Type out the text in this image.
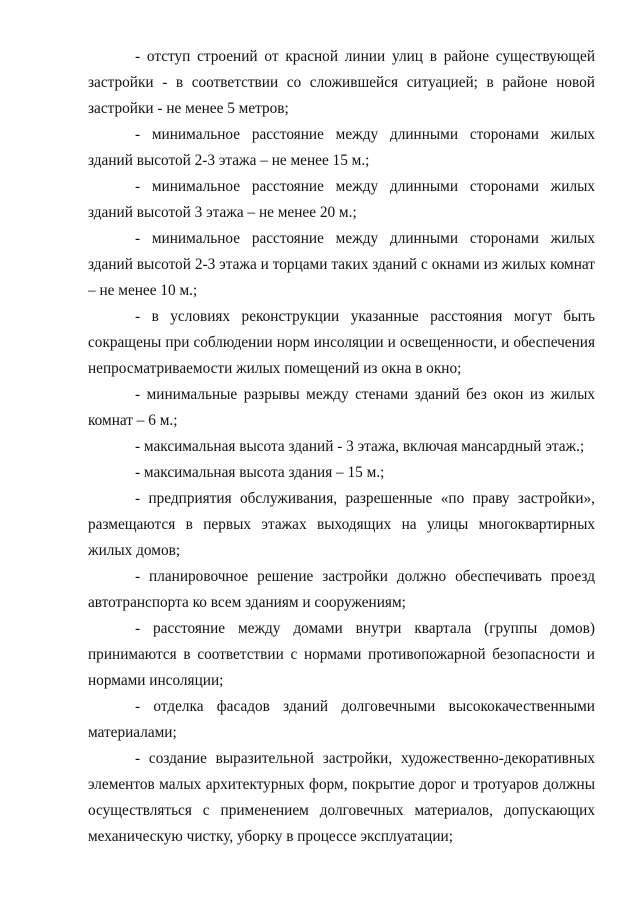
- отступ строений от красной линии улиц в районе существующей застройки - в соответствии со сложившейся ситуацией; в районе новой застройки - не менее 5 метров;

- минимальное расстояние между длинными сторонами жилых зданий высотой 2-3 этажа – не менее 15 м.;

- минимальное расстояние между длинными сторонами жилых зданий высотой 3 этажа – не менее 20 м.;

- минимальное расстояние между длинными сторонами жилых зданий высотой 2-3 этажа и торцами таких зданий с окнами из жилых комнат – не менее 10 м.;

- в условиях реконструкции указанные расстояния могут быть сокращены при соблюдении норм инсоляции и освещенности, и обеспечения непросматриваемости жилых помещений из окна в окно;

- минимальные разрывы между стенами зданий без окон из жилых комнат – 6 м.;

- максимальная высота зданий - 3 этажа, включая мансардный этаж.;

- максимальная высота здания – 15 м.;

- предприятия обслуживания, разрешенные «по праву застройки», размещаются в первых этажах выходящих на улицы многоквартирных жилых домов;

- планировочное решение застройки должно обеспечивать проезд автотранспорта ко всем зданиям и сооружениям;

- расстояние между домами внутри квартала (группы домов) принимаются в соответствии с нормами противопожарной безопасности и нормами инсоляции;

- отделка фасадов зданий долговечными высококачественными материалами;

- создание выразительной застройки, художественно-декоративных элементов малых архитектурных форм, покрытие дорог и тротуаров должны осуществляться с применением долговечных материалов, допускающих механическую чистку, уборку в процессе эксплуатации;
